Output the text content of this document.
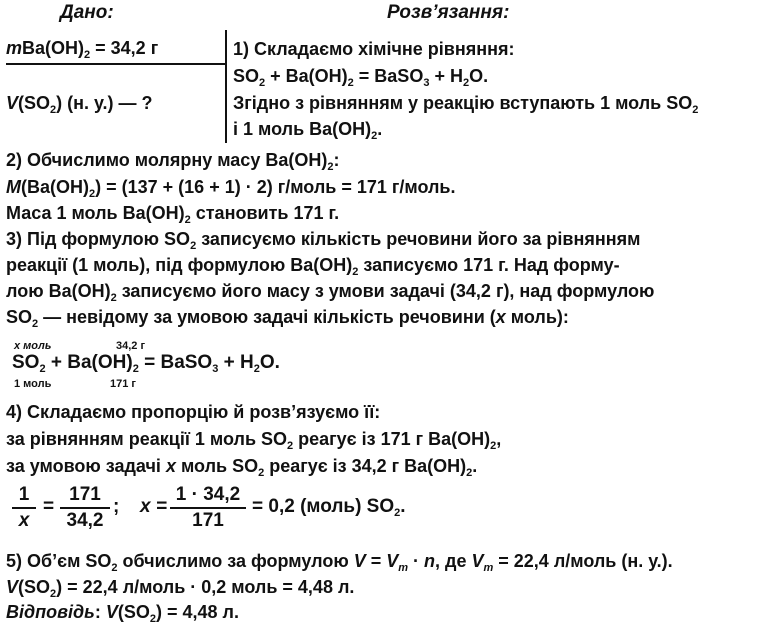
Дано:	Розв’язання:
$mBa(OH)_2 = 34,2$ г
$V(SO_2)$ (н. у.) — ?
1) Складаємо хімічне рівняння:
$SO_2 + Ba(OH)_2$ = BaSO$_3$ + $H_2O$.
Згідно з рівнянням у реакцію вступають 1 моль $SO_2$
і 1 моль $Ba(OH)_2$.
2) Обчислимо молярну масу $Ba(OH)_2$:
$M(Ba(OH)_2) = (137 + (16 + 1) \cdot 2)$ г/моль = 171 г/моль.
Маса 1 моль $Ba(OH)_2$ становить 171 г.
3) Під формулою $SO_2$ записуємо кількість речовини його за рівнянням
реакції (1 моль), під формулою $Ba(OH)_2$ записуємо 171 г. Над форму-
лою $Ba(OH)_2$ записуємо його масу з умови задачі (34,2 г), над формулою
$SO_2$ — невідому за умовою задачі кількість речовини (x моль):
x моль	34,2 г
$SO_2 + Ba(OH)_2$ = BaSO$_3$ + $H_2O$.
1 моль	171 г
4) Складаємо пропорцію й розв’язуємо її:
за рівнянням реакції 1 моль $SO_2$ реагує із 171 г $Ba(OH)_2$,
за умовою задачі x моль $SO_2$ реагує із 34,2 г $Ba(OH)_2$.
1
x
=
171
34,2
; x =
1 · 34,2
171
= 0,2 (моль) $SO_2$.
5) Об’єм $SO_2$ обчислимо за формулою $V = V_m \cdot n$, де $V_m = 22,4$ л/моль (н. у.).
$V(SO_2) = 22,4$ л/моль · 0,2 моль = 4,48 л.
Відповідь: $V(SO_2) = 4,48$ л.
